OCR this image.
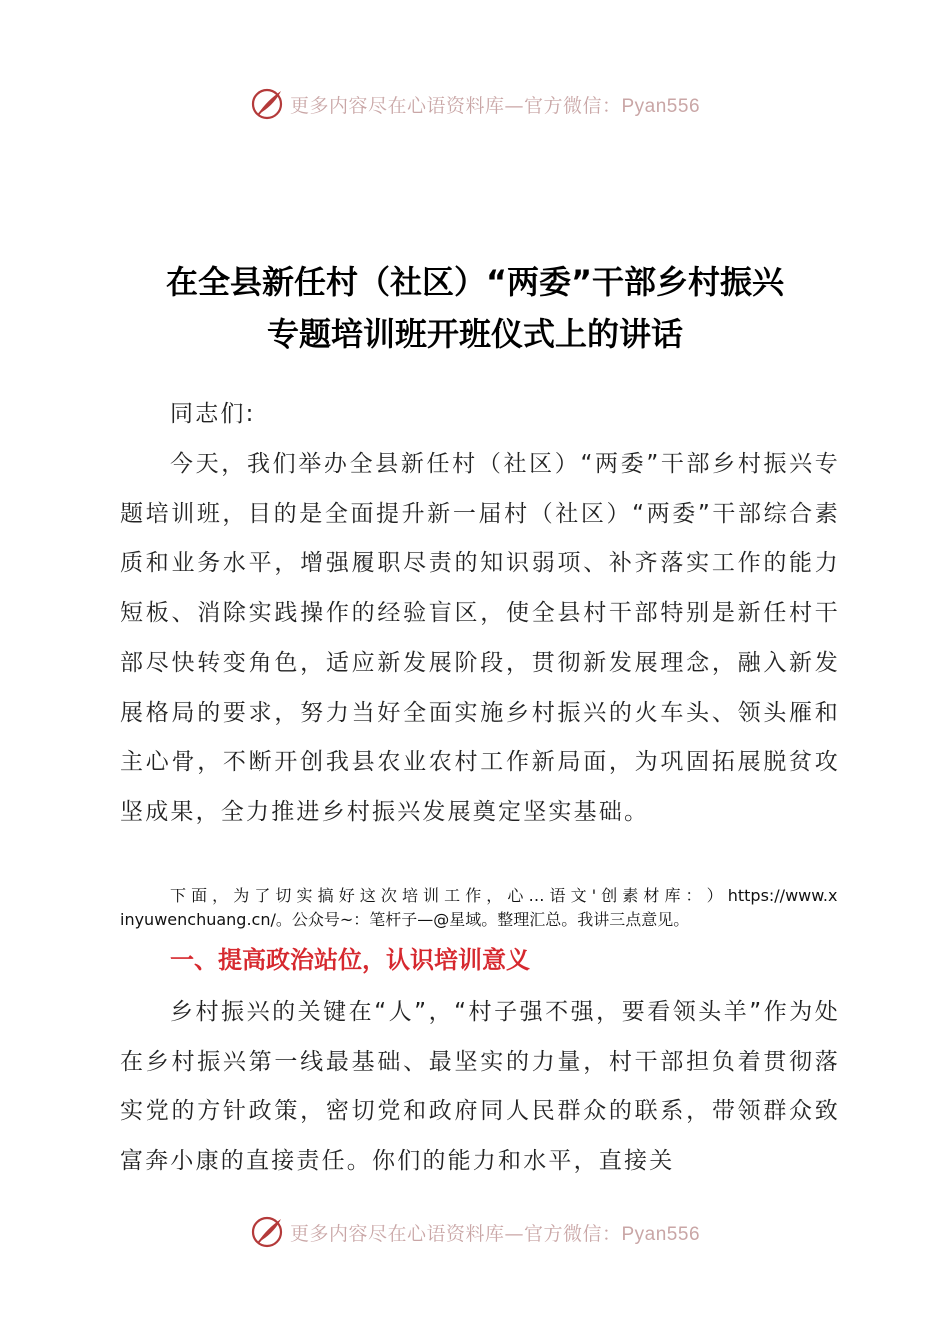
更多内容尽在心语资料库—官方微信：Pyan556
在全县新任村（社区）“两委”干部乡村振兴
专题培训班开班仪式上的讲话

同志们:

今天，我们举办全县新任村（社区）“两委”干部乡村振兴专题培训班，目的是全面提升新一届村（社区）“两委”干部综合素质和业务水平，增强履职尽责的知识弱项、补齐落实工作的能力短板、消除实践操作的经验盲区，使全县村干部特别是新任村干部尽快转变角色，适应新发展阶段，贯彻新发展理念，融入新发展格局的要求，努力当好全面实施乡村振兴的火车头、领头雁和主心骨，不断开创我县农业农村工作新局面，为巩固拓展脱贫攻坚成果，全力推进乡村振兴发展奠定坚实基础。

下 面 ， 为 了 切 实 搞 好 这 次 培 训 工 作 ， 心 … 语 文 ' 创 素 材 库 ： ） https://www.xinyuwenchuang.cn/。公众号~：笔杆子—@星域。整理汇总。我讲三点意见。

一、提高政治站位，认识培训意义

乡村振兴的关键在“人”，“村子强不强，要看领头羊”作为处在乡村振兴第一线最基础、最坚实的力量，村干部担负着贯彻落实党的方针政策，密切党和政府同人民群众的联系，带领群众致富奔小康的直接责任。你们的能力和水平，直接关

更多内容尽在心语资料库—官方微信：Pyan556
